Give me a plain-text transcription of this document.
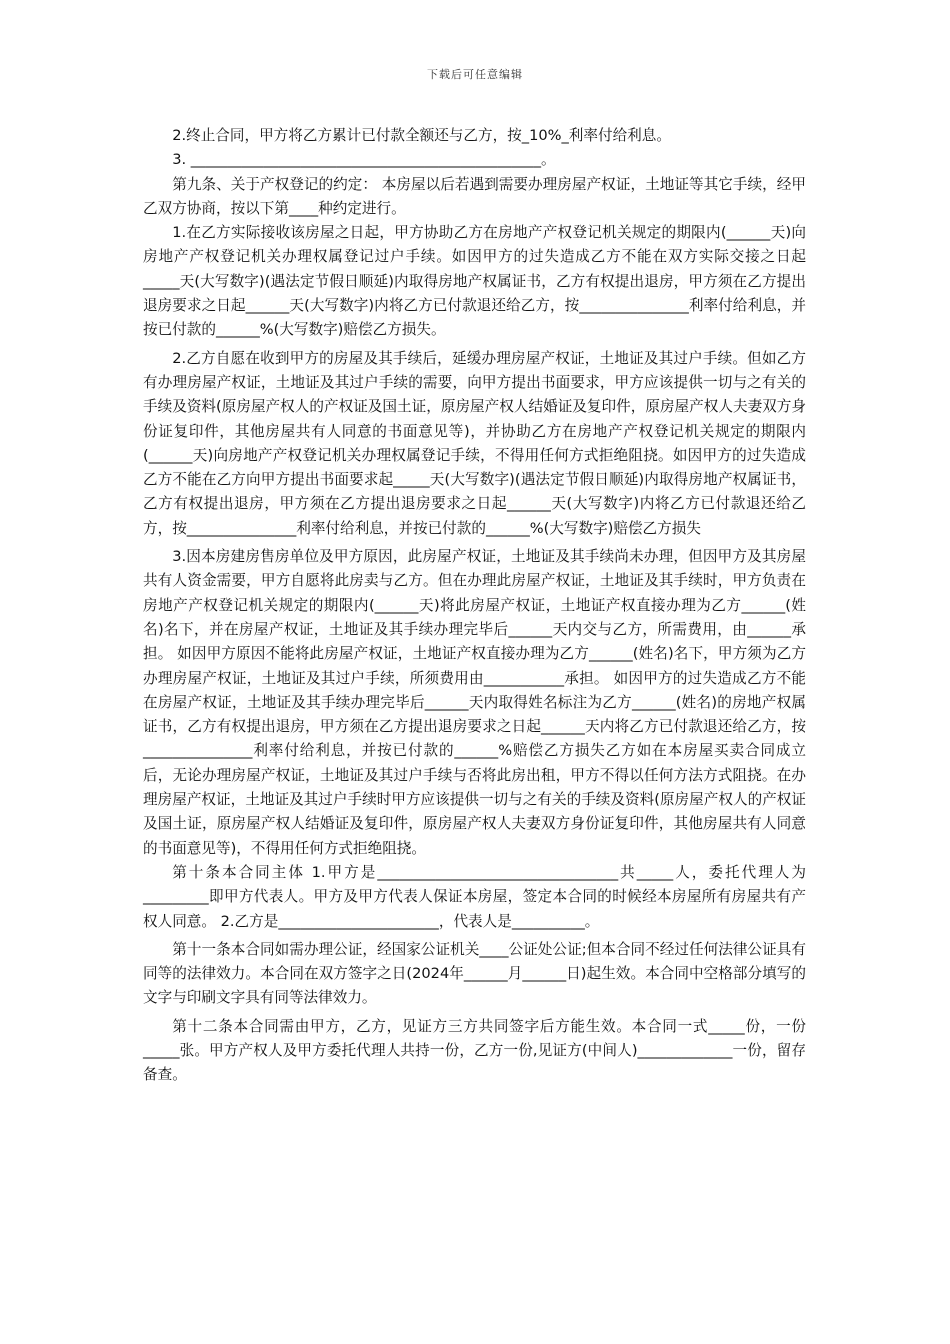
下载后可任意编辑

2.终止合同，甲方将乙方累计已付款全额还与乙方，按_10%_利率付给利息。

3. ________________________________________________。

第九条、关于产权登记的约定： 本房屋以后若遇到需要办理房屋产权证，土地证等其它手续，经甲乙双方协商，按以下第____种约定进行。

1.在乙方实际接收该房屋之日起，甲方协助乙方在房地产产权登记机关规定的期限内(______天)向房地产产权登记机关办理权属登记过户手续。如因甲方的过失造成乙方不能在双方实际交接之日起_____天(大写数字)(遇法定节假日顺延)内取得房地产权属证书，乙方有权提出退房，甲方须在乙方提出退房要求之日起______天(大写数字)内将乙方已付款退还给乙方，按_______________利率付给利息，并按已付款的______%(大写数字)赔偿乙方损失。

2.乙方自愿在收到甲方的房屋及其手续后，延缓办理房屋产权证，土地证及其过户手续。但如乙方有办理房屋产权证，土地证及其过户手续的需要，向甲方提出书面要求，甲方应该提供一切与之有关的手续及资料(原房屋产权人的产权证及国土证，原房屋产权人结婚证及复印件，原房屋产权人夫妻双方身份证复印件，其他房屋共有人同意的书面意见等)，并协助乙方在房地产产权登记机关规定的期限内(______天)向房地产产权登记机关办理权属登记手续，不得用任何方式拒绝阻挠。如因甲方的过失造成乙方不能在乙方向甲方提出书面要求起_____天(大写数字)(遇法定节假日顺延)内取得房地产权属证书，乙方有权提出退房，甲方须在乙方提出退房要求之日起______天(大写数字)内将乙方已付款退还给乙方，按_______________利率付给利息，并按已付款的______%(大写数字)赔偿乙方损失

3.因本房建房售房单位及甲方原因，此房屋产权证，土地证及其手续尚未办理，但因甲方及其房屋共有人资金需要，甲方自愿将此房卖与乙方。但在办理此房屋产权证，土地证及其手续时，甲方负责在房地产产权登记机关规定的期限内(______天)将此房屋产权证，土地证产权直接办理为乙方______(姓名)名下，并在房屋产权证，土地证及其手续办理完毕后______天内交与乙方，所需费用，由______承担。 如因甲方原因不能将此房屋产权证，土地证产权直接办理为乙方______(姓名)名下，甲方须为乙方办理房屋产权证，土地证及其过户手续，所须费用由___________承担。 如因甲方的过失造成乙方不能在房屋产权证，土地证及其手续办理完毕后______天内取得姓名标注为乙方______(姓名)的房地产权属证书，乙方有权提出退房，甲方须在乙方提出退房要求之日起______天内将乙方已付款退还给乙方，按_______________利率付给利息，并按已付款的______%赔偿乙方损失乙方如在本房屋买卖合同成立后，无论办理房屋产权证，土地证及其过户手续与否将此房出租，甲方不得以任何方法方式阻挠。在办理房屋产权证，土地证及其过户手续时甲方应该提供一切与之有关的手续及资料(原房屋产权人的产权证及国土证，原房屋产权人结婚证及复印件，原房屋产权人夫妻双方身份证复印件，其他房屋共有人同意的书面意见等)，不得用任何方式拒绝阻挠。

第十条本合同主体 1.甲方是_________________________________共_____人，委托代理人为_________即甲方代表人。甲方及甲方代表人保证本房屋，签定本合同的时候经本房屋所有房屋共有产权人同意。 2.乙方是______________________，代表人是__________。

第十一条本合同如需办理公证，经国家公证机关____公证处公证;但本合同不经过任何法律公证具有同等的法律效力。本合同在双方签字之日(2024年______月______日)起生效。本合同中空格部分填写的文字与印刷文字具有同等法律效力。

第十二条本合同需由甲方，乙方，见证方三方共同签字后方能生效。本合同一式_____份，一份_____张。甲方产权人及甲方委托代理人共持一份，乙方一份,见证方(中间人)_____________一份，留存备查。
